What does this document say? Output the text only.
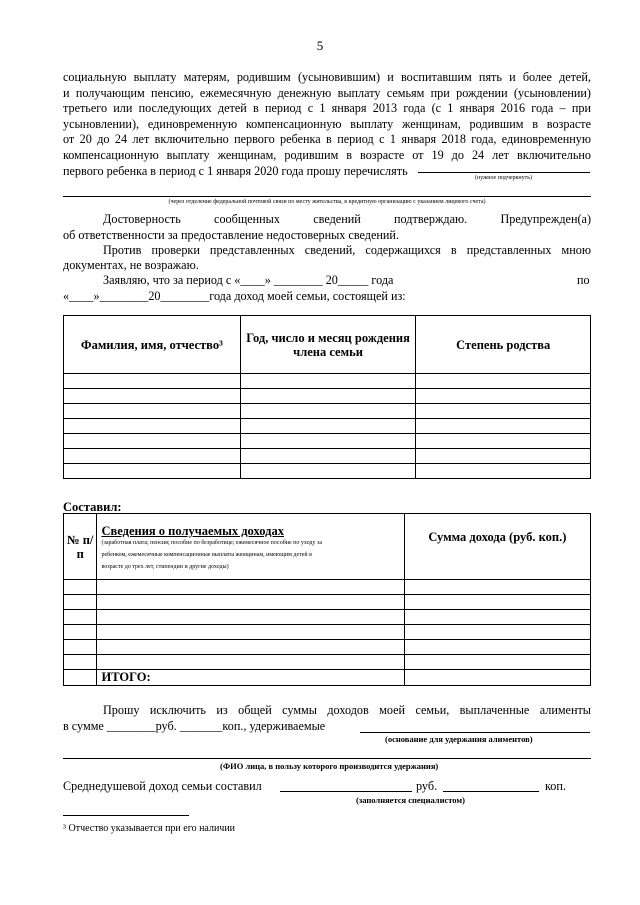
5
социальную выплату матерям, родившим (усыновившим) и воспитавшим пять и более детей,
и получающим пенсию, ежемесячную денежную выплату семьям при рождении (усыновлении)
третьего или последующих детей в период с 1 января 2013 года (с 1 января 2016 года – при
усыновлении), единовременную компенсационную выплату женщинам, родившим в возрасте
от 20 до 24 лет включительно первого ребенка в период с 1 января 2018 года, единовременную
компенсационную выплату женщинам, родившим в возрасте от 19 до 24 лет включительно
первого ребенка в период с 1 января 2020 года прошу перечислять
(нужное подчеркнуть)
(через отделение федеральной почтовой связи по месту жительства, в кредитную организацию с указанием лицевого счета)
Достоверность сообщенных сведений подтверждаю. Предупрежден(а)
об ответственности за предоставление недостоверных сведений.
Против проверки представленных сведений, содержащихся в представленных мною
документах, не возражаю.
Заявляю, что за период с «____» ________ 20_____ года	по
«____»________20________года доход моей семьи, состоящей из:
Фамилия, имя, отчество³	Год, число и месяц рождения члена семьи	Степень родства

Составил:
№ п/п	Сведения о получаемых доходах
(заработная плата; пенсия; пособие по безработице; ежемесячное пособие по уходу за
ребенком, ежемесячные компенсационные выплаты женщинам, имеющим детей в
возрасте до трех лет, стипендии и другие доходы)	Сумма дохода (руб. коп.)

	ИТОГО:	
Прошу исключить из общей суммы доходов моей семьи, выплаченные алименты
в сумме ________руб. _______коп., удерживаемые
(основание для удержания алиментов)
(ФИО лица, в пользу которого производится удержания)
Среднедушевой доход семьи составил	руб.	коп.
(заполняется специалистом)
³ Отчество указывается при его наличии
